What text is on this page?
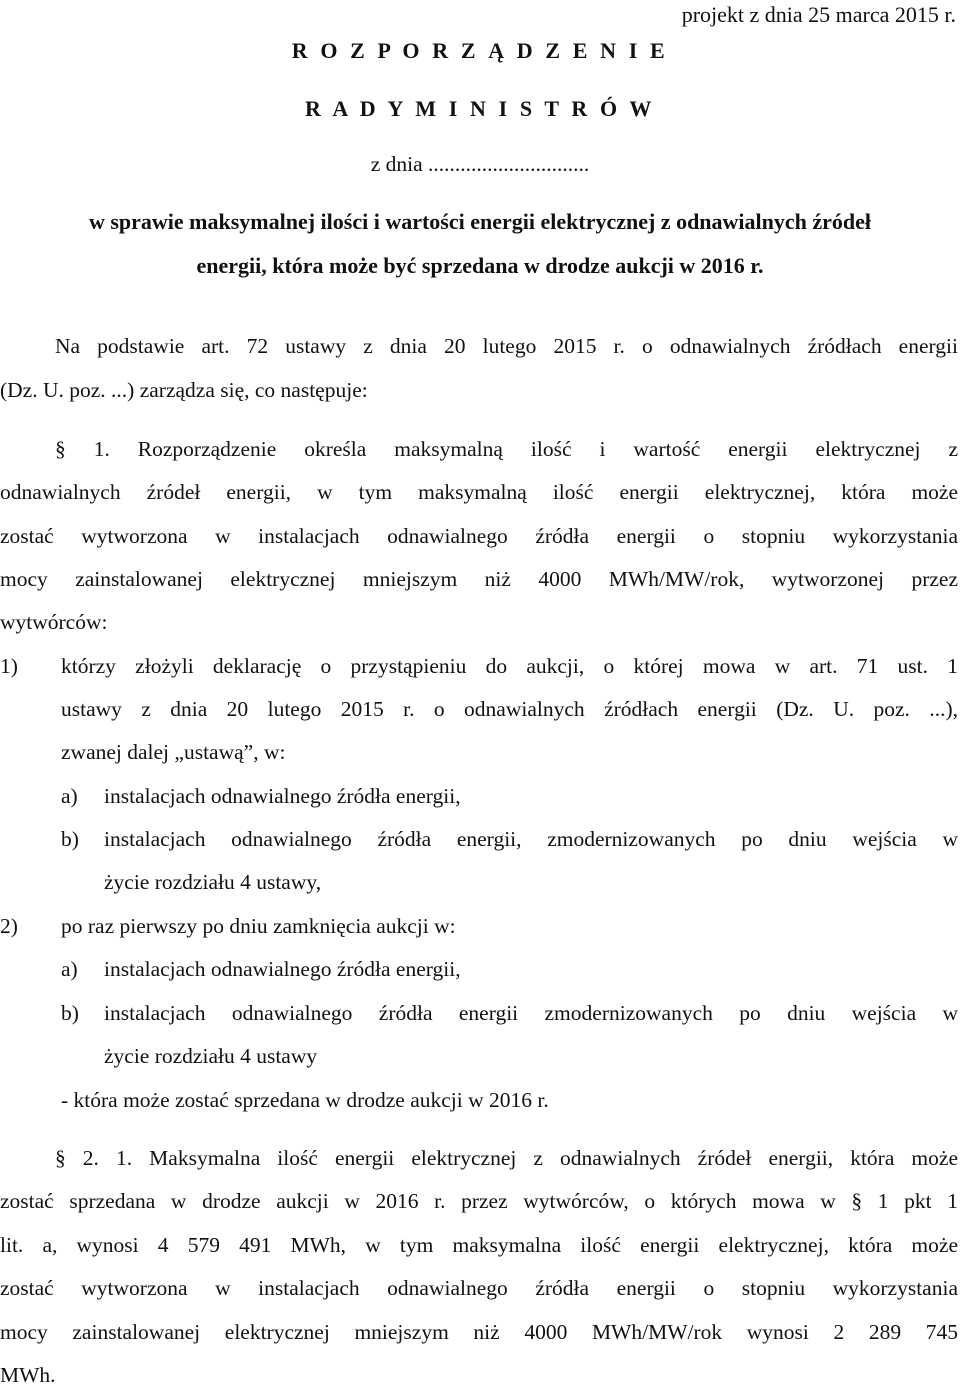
projekt z dnia 25 marca 2015 r.
R O Z P O R Z Ą D Z E N I E
R A D Y M I N I S T R Ó W
z dnia ..............................
w sprawie maksymalnej ilości i wartości energii elektrycznej z odnawialnych źródeł
energii, która może być sprzedana w drodze aukcji w 2016 r.
Na podstawie art. 72 ustawy z dnia 20 lutego 2015 r. o odnawialnych źródłach energii
(Dz. U. poz. ...) zarządza się, co następuje:
§ 1. Rozporządzenie określa maksymalną ilość i wartość energii elektrycznej z
odnawialnych źródeł energii, w tym maksymalną ilość energii elektrycznej, która może
zostać wytworzona w instalacjach odnawialnego źródła energii o stopniu wykorzystania
mocy zainstalowanej elektrycznej mniejszym niż 4000 MWh/MW/rok, wytworzonej przez
wytwórców:
1) którzy złożyli deklarację o przystąpieniu do aukcji, o której mowa w art. 71 ust. 1
ustawy z dnia 20 lutego 2015 r. o odnawialnych źródłach energii (Dz. U. poz. ...),
zwanej dalej „ustawą”, w:
a) instalacjach odnawialnego źródła energii,
b) instalacjach odnawialnego źródła energii, zmodernizowanych po dniu wejścia w
życie rozdziału 4 ustawy,
2) po raz pierwszy po dniu zamknięcia aukcji w:
a) instalacjach odnawialnego źródła energii,
b) instalacjach odnawialnego źródła energii zmodernizowanych po dniu wejścia w
życie rozdziału 4 ustawy
- która może zostać sprzedana w drodze aukcji w 2016 r.
§ 2. 1. Maksymalna ilość energii elektrycznej z odnawialnych źródeł energii, która może
zostać sprzedana w drodze aukcji w 2016 r. przez wytwórców, o których mowa w § 1 pkt 1
lit. a, wynosi 4 579 491 MWh, w tym maksymalna ilość energii elektrycznej, która może
zostać wytworzona w instalacjach odnawialnego źródła energii o stopniu wykorzystania
mocy zainstalowanej elektrycznej mniejszym niż 4000 MWh/MW/rok wynosi 2 289 745
MWh.
